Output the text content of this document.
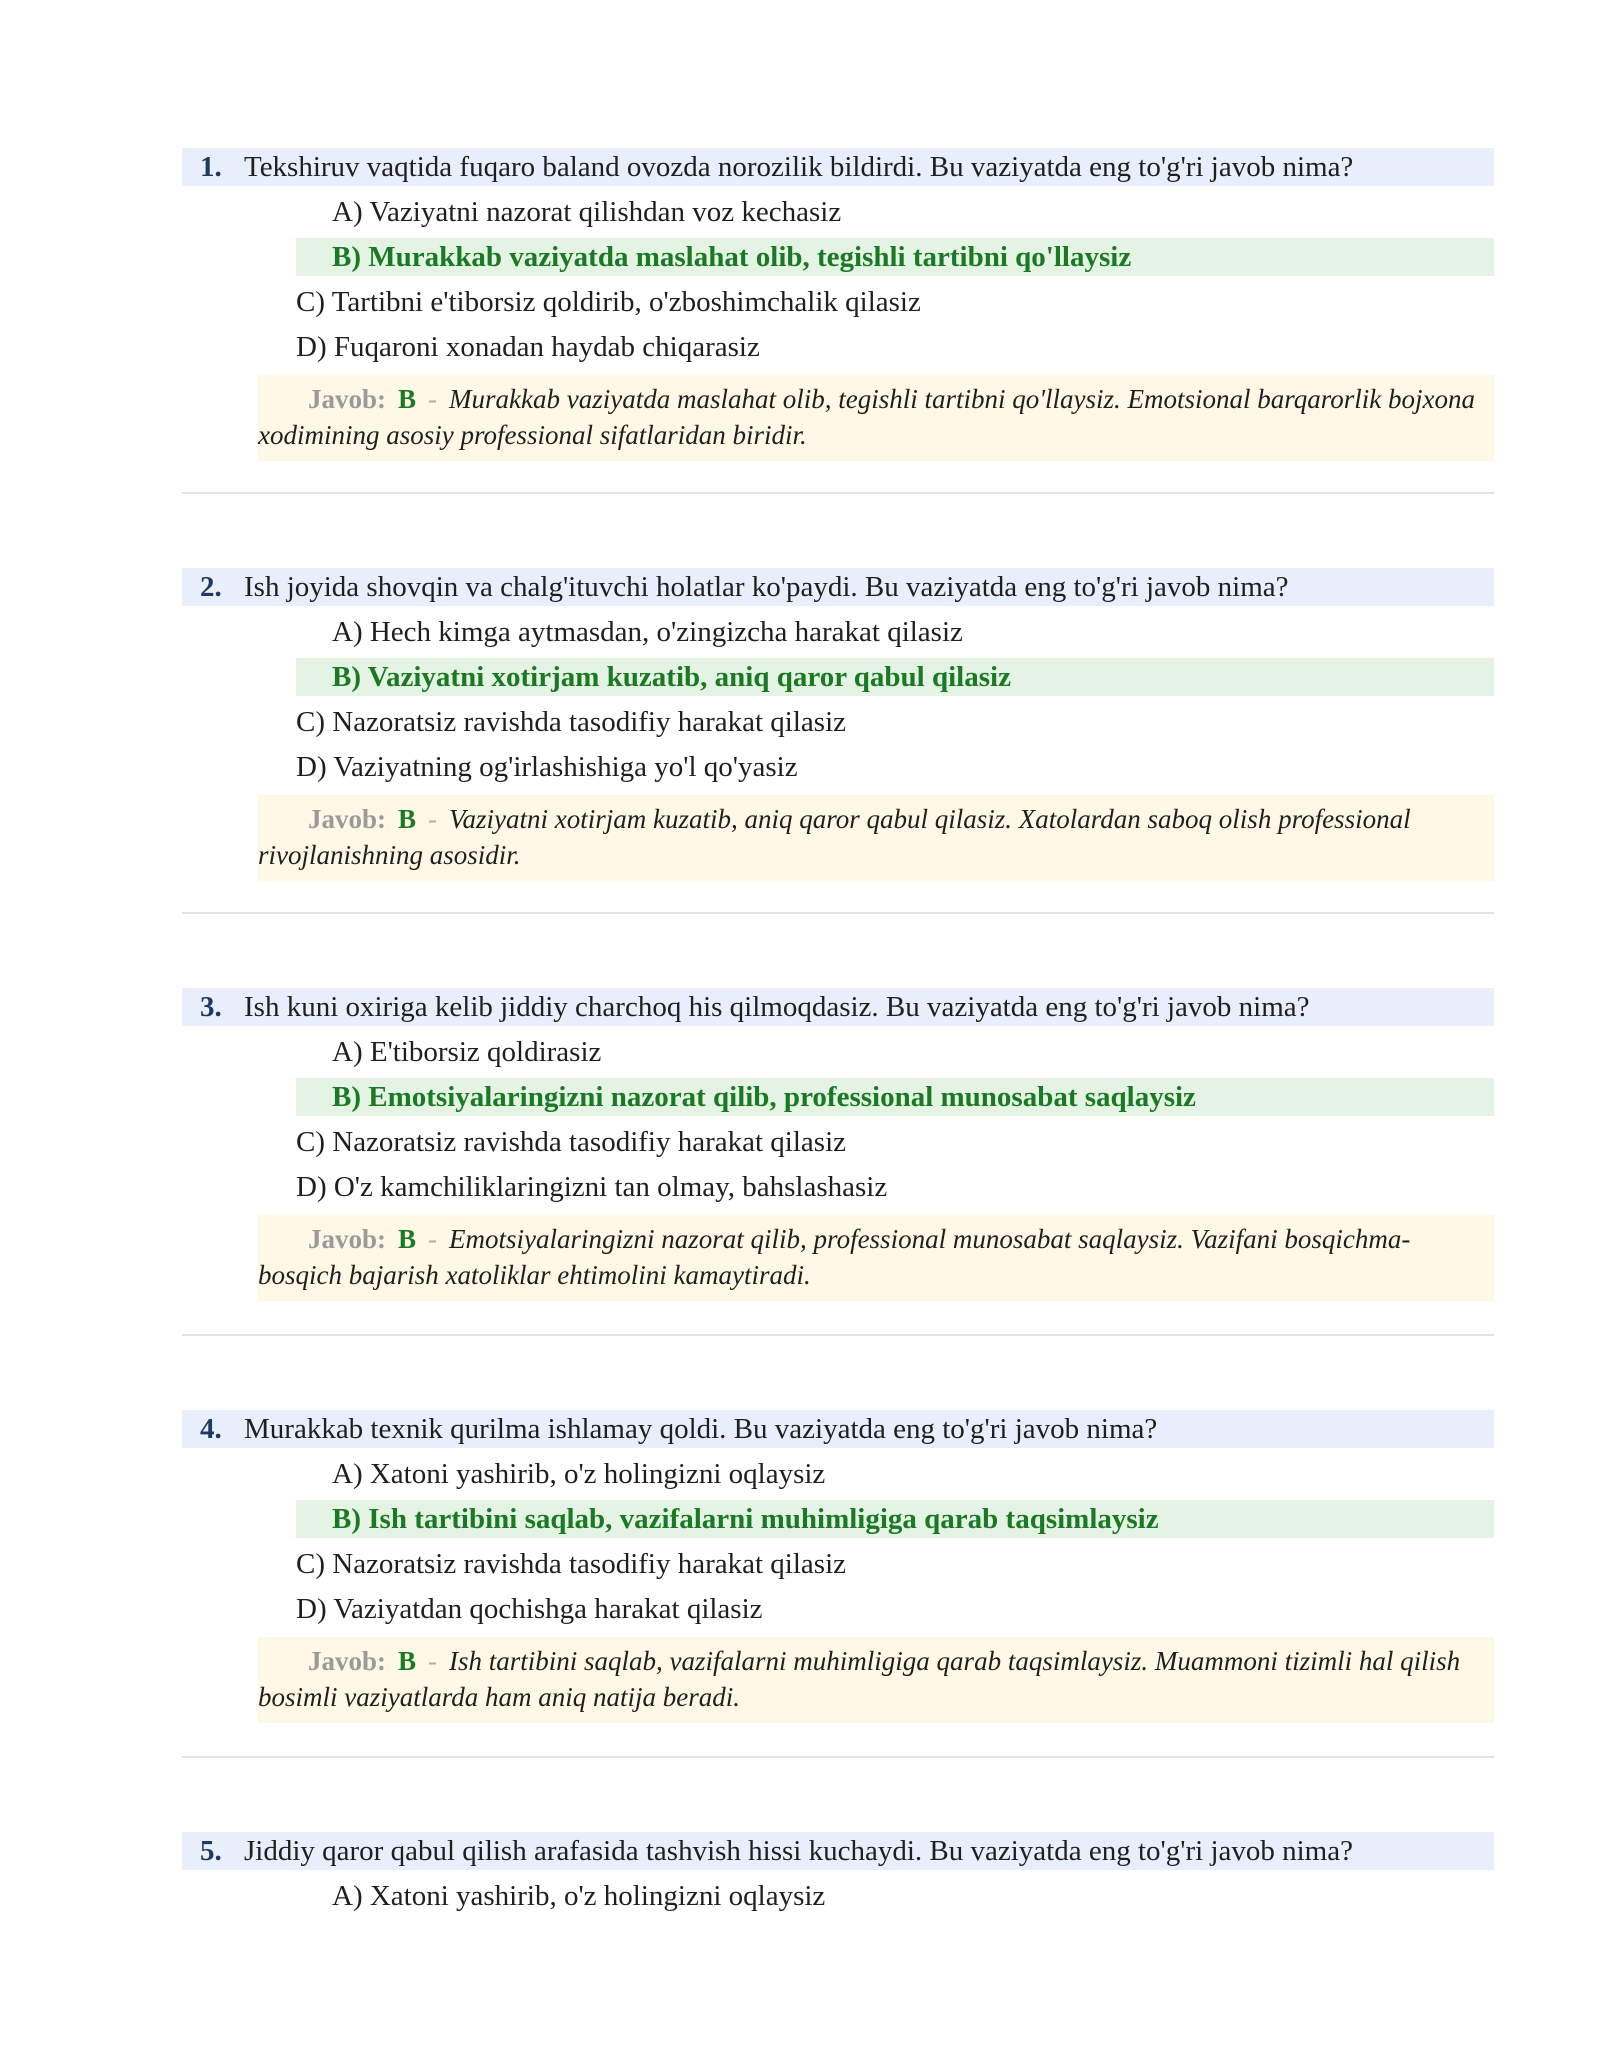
1. Tekshiruv vaqtida fuqaro baland ovozda norozilik bildirdi. Bu vaziyatda eng to'g'ri javob nima?
A) Vaziyatni nazorat qilishdan voz kechasiz
B) Murakkab vaziyatda maslahat olib, tegishli tartibni qo'llaysiz
C) Tartibni e'tiborsiz qoldirib, o'zboshimchalik qilasiz
D) Fuqaroni xonadan haydab chiqarasiz
Javob: B - Murakkab vaziyatda maslahat olib, tegishli tartibni qo'llaysiz. Emotsional barqarorlik bojxona xodimining asosiy professional sifatlaridan biridir.
2. Ish joyida shovqin va chalg'ituvchi holatlar ko'paydi. Bu vaziyatda eng to'g'ri javob nima?
A) Hech kimga aytmasdan, o'zingizcha harakat qilasiz
B) Vaziyatni xotirjam kuzatib, aniq qaror qabul qilasiz
C) Nazoratsiz ravishda tasodifiy harakat qilasiz
D) Vaziyatning og'irlashishiga yo'l qo'yasiz
Javob: B - Vaziyatni xotirjam kuzatib, aniq qaror qabul qilasiz. Xatolardan saboq olish professional rivojlanishning asosidir.
3. Ish kuni oxiriga kelib jiddiy charchoq his qilmoqdasiz. Bu vaziyatda eng to'g'ri javob nima?
A) E'tiborsiz qoldirasiz
B) Emotsiyalaringizni nazorat qilib, professional munosabat saqlaysiz
C) Nazoratsiz ravishda tasodifiy harakat qilasiz
D) O'z kamchiliklaringizni tan olmay, bahslashasiz
Javob: B - Emotsiyalaringizni nazorat qilib, professional munosabat saqlaysiz. Vazifani bosqichma-bosqich bajarish xatoliklar ehtimolini kamaytiradi.
4. Murakkab texnik qurilma ishlamay qoldi. Bu vaziyatda eng to'g'ri javob nima?
A) Xatoni yashirib, o'z holingizni oqlaysiz
B) Ish tartibini saqlab, vazifalarni muhimligiga qarab taqsimlaysiz
C) Nazoratsiz ravishda tasodifiy harakat qilasiz
D) Vaziyatdan qochishga harakat qilasiz
Javob: B - Ish tartibini saqlab, vazifalarni muhimligiga qarab taqsimlaysiz. Muammoni tizimli hal qilish bosimli vaziyatlarda ham aniq natija beradi.
5. Jiddiy qaror qabul qilish arafasida tashvish hissi kuchaydi. Bu vaziyatda eng to'g'ri javob nima?
A) Xatoni yashirib, o'z holingizni oqlaysiz
